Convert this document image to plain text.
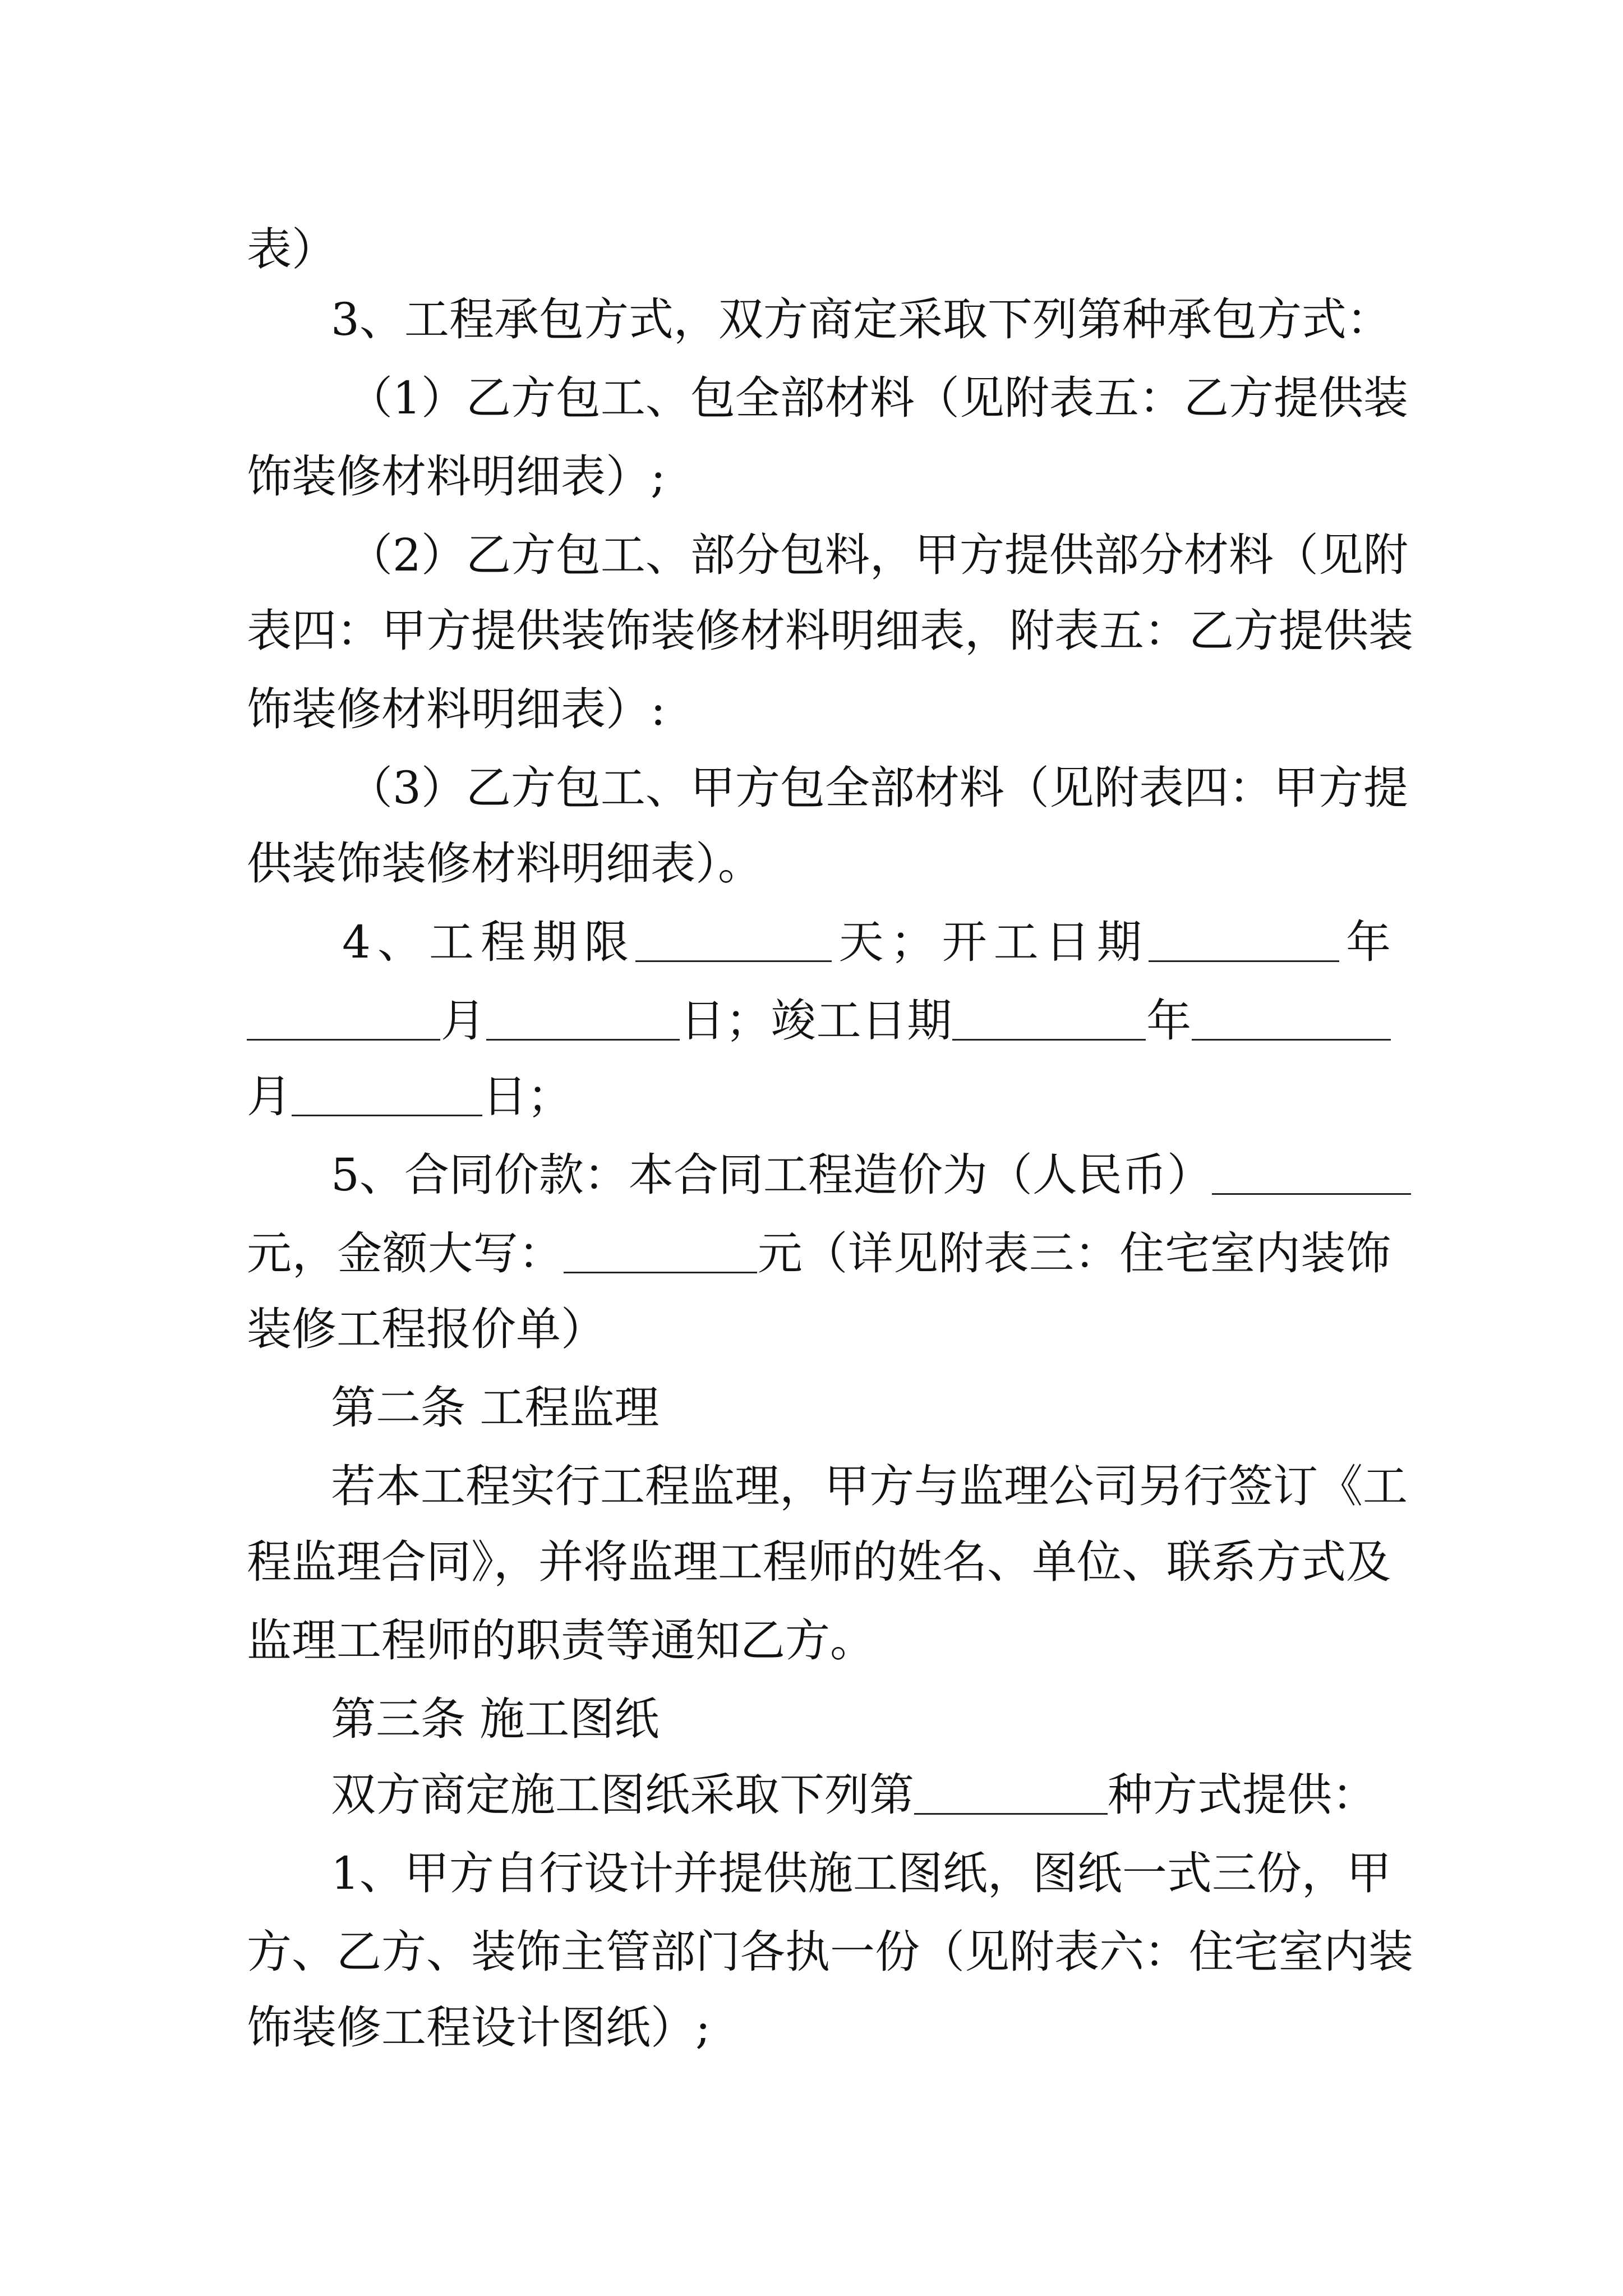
表）
3、工程承包方式，双方商定采取下列第种承包方式：
（1）乙方包工、包全部材料（见附表五：乙方提供装
饰装修材料明细表）;
（2）乙方包工、部分包料，甲方提供部分材料（见附
表四：甲方提供装饰装修材料明细表，附表五：乙方提供装
饰装修材料明细表）:
（3）乙方包工、甲方包全部材料（见附表四：甲方提
供装饰装修材料明细表）。
4、工程期限	天；开工日期	年
月	日；竣工日期	年
月	日；
5、合同价款：本合同工程造价为（人民币）
元，金额大写：	元（详见附表三：住宅室内装饰
装修工程报价单）
第二条 工程监理
若本工程实行工程监理，甲方与监理公司另行签订《工
程监理合同》，并将监理工程师的姓名、单位、联系方式及
监理工程师的职责等通知乙方。
第三条 施工图纸
双方商定施工图纸采取下列第	种方式提供：
1、甲方自行设计并提供施工图纸，图纸一式三份，甲
方、乙方、装饰主管部门各执一份（见附表六：住宅室内装
饰装修工程设计图纸）;
